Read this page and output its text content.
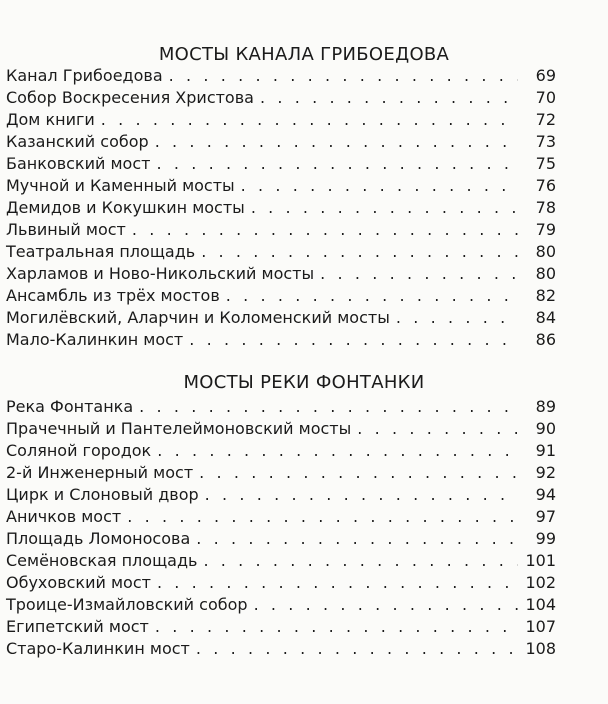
МОСТЫ КАНАЛА ГРИБОЕДОВА
Канал Грибоедова . . .	69
Собор Воскресения Христова . . .	70
Дом книги . . .	72
Казанский собор . . .	73
Банковский мост . . .	75
Мучной и Каменный мосты . . .	76
Демидов и Кокушкин мосты . . .	78
Львиный мост . . .	79
Театральная площадь . . .	80
Харламов и Ново-Никольский мосты . . .	80
Ансамбль из трёх мостов . . .	82
Могилёвский, Аларчин и Коломенский мосты . . .	84
Мало-Калинкин мост . . .	86
МОСТЫ РЕКИ ФОНТАНКИ
Река Фонтанка . . .	89
Прачечный и Пантелеймоновский мосты . . .	90
Соляной городок . . .	91
2-й Инженерный мост . . .	92
Цирк и Слоновый двор . . .	94
Аничков мост . . .	97
Площадь Ломоносова . . .	99
Семёновская площадь . . .	101
Обуховский мост . . .	102
Троице-Измайловский собор . . .	104
Египетский мост . . .	107
Старо-Калинкин мост . . .	108
